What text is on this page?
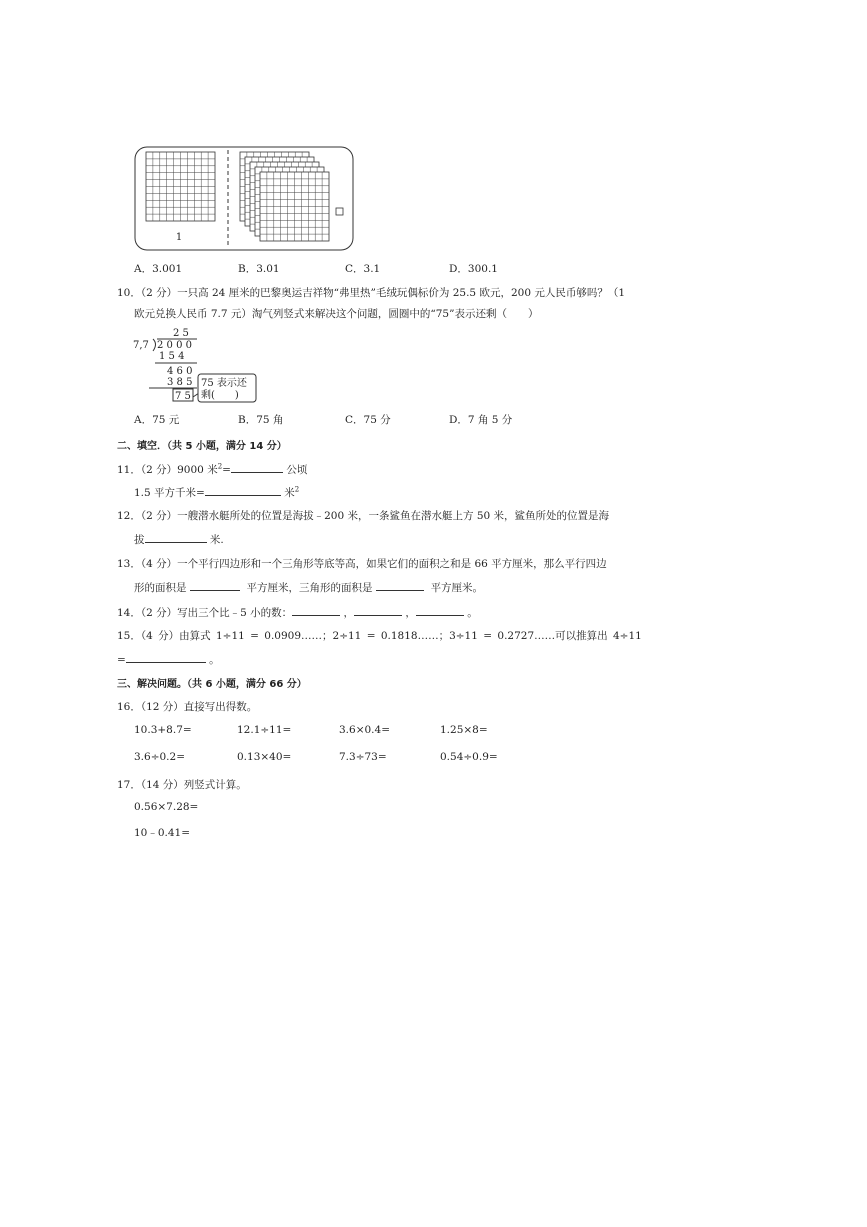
1
A．3.001	B．3.01	C．3.1	D．300.1
10．（2 分）一只高 24 厘米的巴黎奥运吉祥物“弗里热”毛绒玩偶标价为 25.5 欧元，200 元人民币够吗？（1
欧元兑换人民币 7.7 元）淘气列竖式来解决这个问题，圆圈中的“75”表示还剩（　　）
2 5
7,7 2 0 0 0
1 5 4
4 6 0
3 8 5
7 5
75 表示还
剩(　　)
A．75 元	B．75 角	C．75 分	D．7 角 5 分
二、填空．（共 5 小题，满分 14 分）
11．（2 分）9000 米$^2$=	公顷
1.5 平方千米=	米$^2$
12．（2 分）一艘潜水艇所处的位置是海拔﹣200 米，一条鲨鱼在潜水艇上方 50 米，鲨鱼所处的位置是海
拔	米.
13．（4 分）一个平行四边形和一个三角形等底等高，如果它们的面积之和是 66 平方厘米，那么平行四边
形的面积是	平方厘米，三角形的面积是	平方厘米。
14．（2 分）写出三个比﹣5 小的数：	，	，	。
15．（4 分）由算式 1÷11 = 0.0909……；2÷11 = 0.1818……；3÷11 = 0.2727……可以推算出 4÷11
=	。
三、解决问题。（共 6 小题，满分 66 分）
16．（12 分）直接写出得数。
10.3+8.7=	12.1÷11=	3.6×0.4=	1.25×8=
3.6÷0.2=	0.13×40=	7.3÷73=	0.54÷0.9=
17．（14 分）列竖式计算。
0.56×7.28=
10﹣0.41=
